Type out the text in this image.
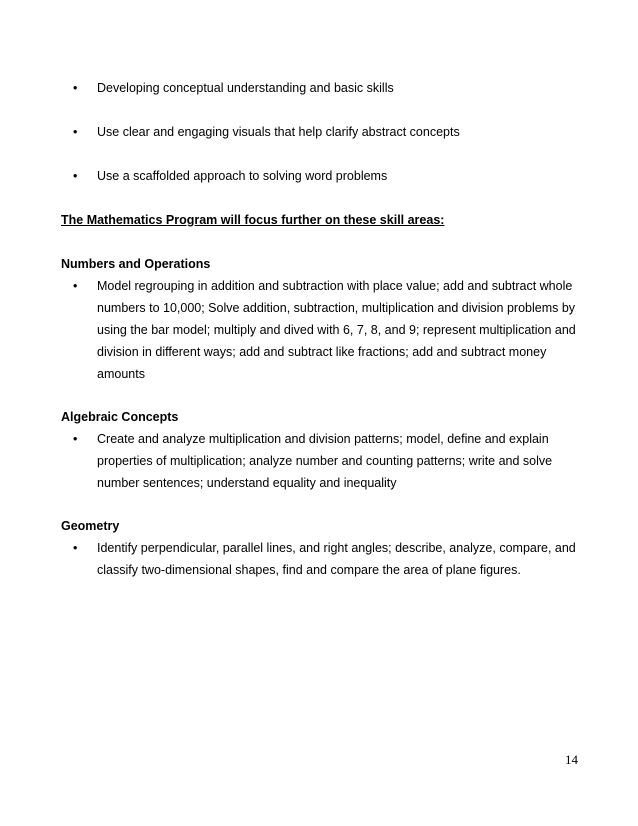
• Developing conceptual understanding and basic skills
• Use clear and engaging visuals that help clarify abstract concepts
• Use a scaffolded approach to solving word problems
The Mathematics Program will focus further on these skill areas:
Numbers and Operations
• Model regrouping in addition and subtraction with place value; add and subtract whole
numbers to 10,000; Solve addition, subtraction, multiplication and division problems by
using the bar model; multiply and dived with 6, 7, 8, and 9; represent multiplication and
division in different ways; add and subtract like fractions; add and subtract money
amounts
Algebraic Concepts
• Create and analyze multiplication and division patterns; model, define and explain
properties of multiplication; analyze number and counting patterns; write and solve
number sentences; understand equality and inequality
Geometry
• Identify perpendicular, parallel lines, and right angles; describe, analyze, compare, and
classify two-dimensional shapes, find and compare the area of plane figures.
14
